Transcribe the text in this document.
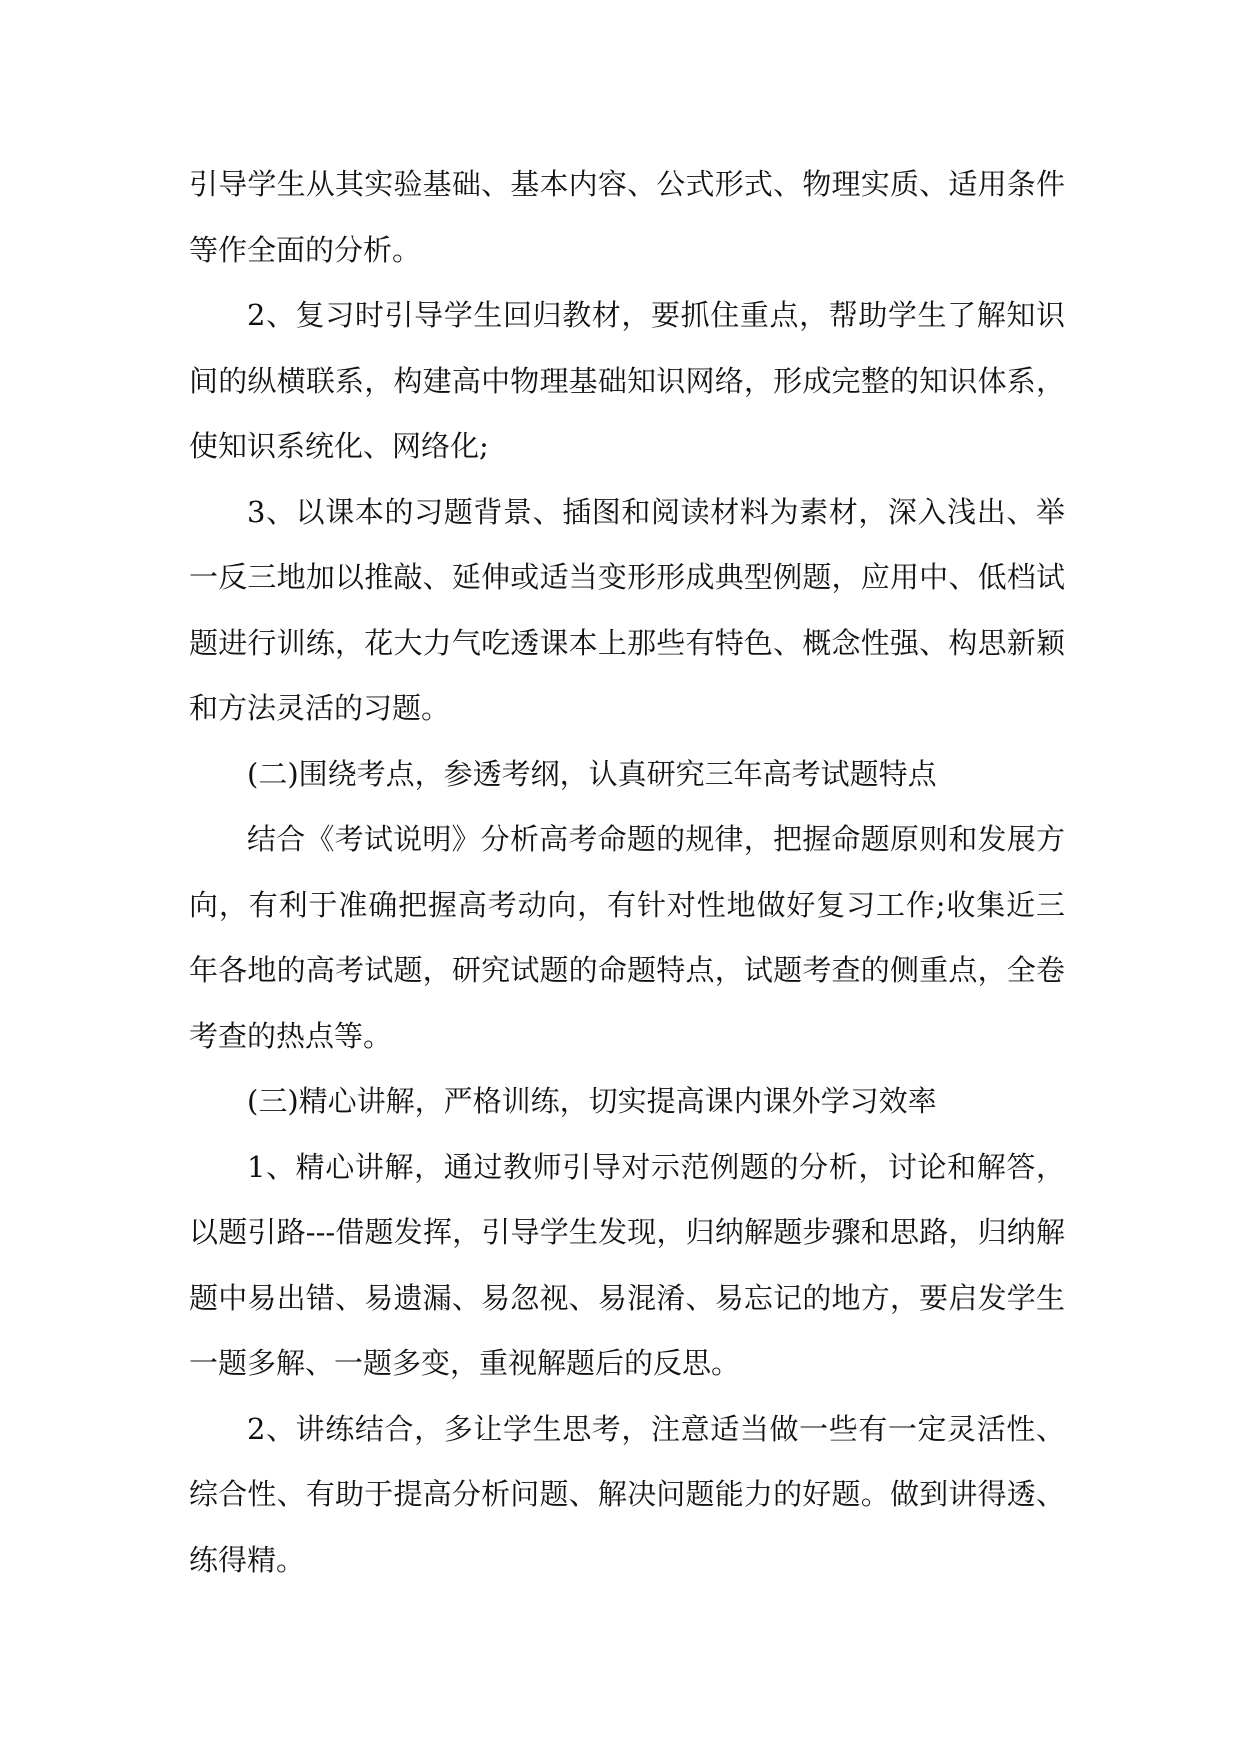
引导学生从其实验基础、基本内容、公式形式、物理实质、适用条件等作全面的分析。

2、复习时引导学生回归教材，要抓住重点，帮助学生了解知识间的纵横联系，构建高中物理基础知识网络，形成完整的知识体系，使知识系统化、网络化;

3、以课本的习题背景、插图和阅读材料为素材，深入浅出、举一反三地加以推敲、延伸或适当变形形成典型例题，应用中、低档试题进行训练，花大力气吃透课本上那些有特色、概念性强、构思新颖和方法灵活的习题。

(二)围绕考点，参透考纲，认真研究三年高考试题特点

结合《考试说明》分析高考命题的规律，把握命题原则和发展方向，有利于准确把握高考动向，有针对性地做好复习工作;收集近三年各地的高考试题，研究试题的命题特点，试题考查的侧重点，全卷考查的热点等。

(三)精心讲解，严格训练，切实提高课内课外学习效率

1、精心讲解，通过教师引导对示范例题的分析，讨论和解答，以题引路---借题发挥，引导学生发现，归纳解题步骤和思路，归纳解题中易出错、易遗漏、易忽视、易混淆、易忘记的地方，要启发学生一题多解、一题多变，重视解题后的反思。

2、讲练结合，多让学生思考，注意适当做一些有一定灵活性、综合性、有助于提高分析问题、解决问题能力的好题。做到讲得透、练得精。
